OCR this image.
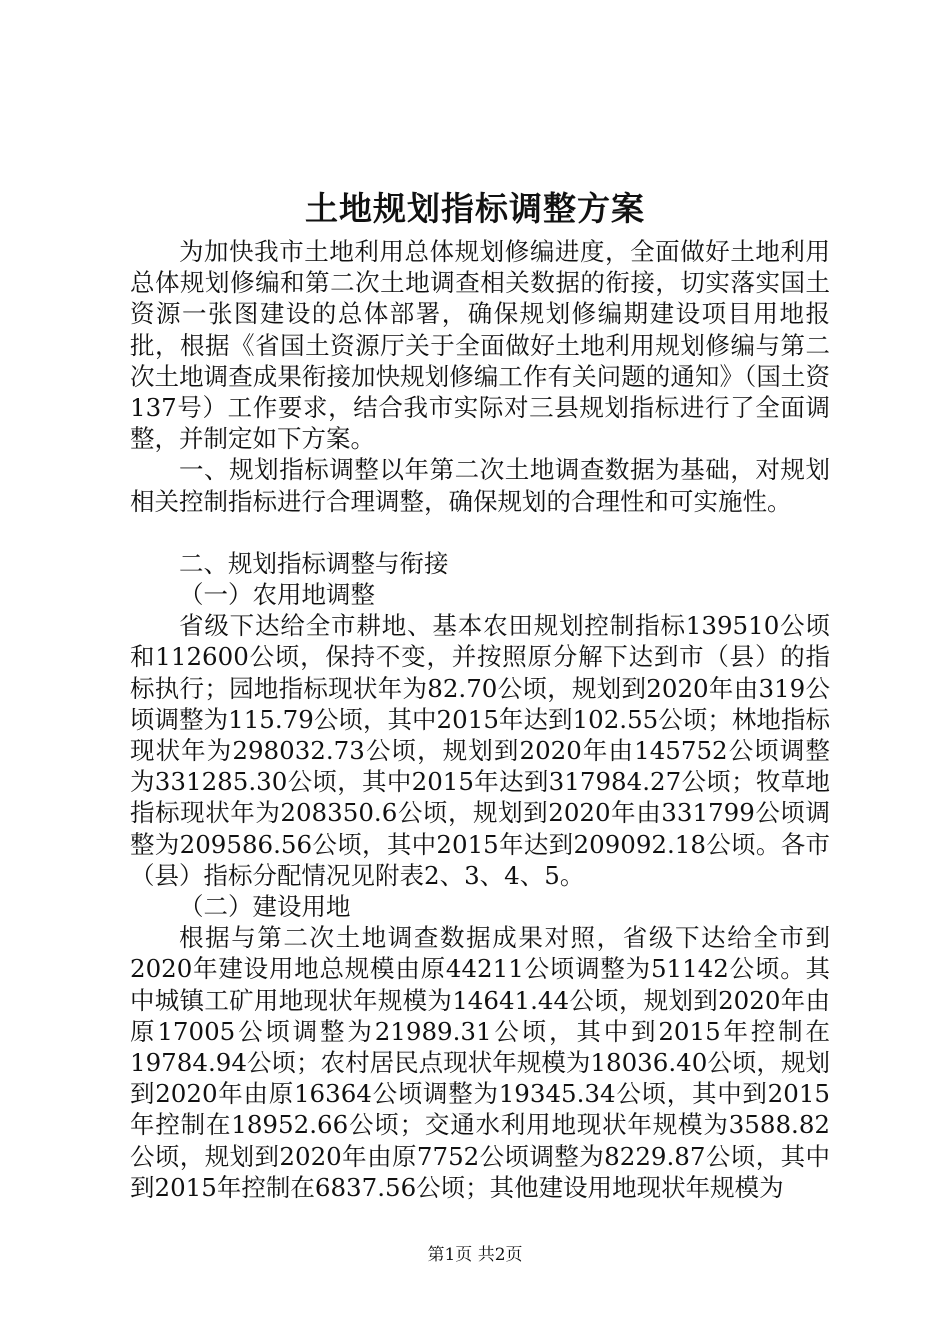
土地规划指标调整方案

为加快我市土地利用总体规划修编进度，全面做好土地利用总体规划修编和第二次土地调查相关数据的衔接，切实落实国土资源一张图建设的总体部署，确保规划修编期建设项目用地报批，根据《省国土资源厅关于全面做好土地利用规划修编与第二次土地调查成果衔接加快规划修编工作有关问题的通知》（国土资137号）工作要求，结合我市实际对三县规划指标进行了全面调整，并制定如下方案。

一、规划指标调整以年第二次土地调查数据为基础，对规划相关控制指标进行合理调整，确保规划的合理性和可实施性。

二、规划指标调整与衔接

（一）农用地调整

省级下达给全市耕地、基本农田规划控制指标139510公顷和112600公顷，保持不变，并按照原分解下达到市（县）的指标执行；园地指标现状年为82.70公顷，规划到2020年由319公顷调整为115.79公顷，其中2015年达到102.55公顷；林地指标现状年为298032.73公顷，规划到2020年由145752公顷调整为331285.30公顷，其中2015年达到317984.27公顷；牧草地指标现状年为208350.6公顷，规划到2020年由331799公顷调整为209586.56公顷，其中2015年达到209092.18公顷。各市（县）指标分配情况见附表2、3、4、5。

（二）建设用地

根据与第二次土地调查数据成果对照，省级下达给全市到2020年建设用地总规模由原44211公顷调整为51142公顷。其中城镇工矿用地现状年规模为14641.44公顷，规划到2020年由原17005公顷调整为21989.31公顷，其中到2015年控制在19784.94公顷；农村居民点现状年规模为18036.40公顷，规划到2020年由原16364公顷调整为19345.34公顷，其中到2015年控制在18952.66公顷；交通水利用地现状年规模为3588.82公顷，规划到2020年由原7752公顷调整为8229.87公顷，其中到2015年控制在6837.56公顷；其他建设用地现状年规模为

第1页 共2页
